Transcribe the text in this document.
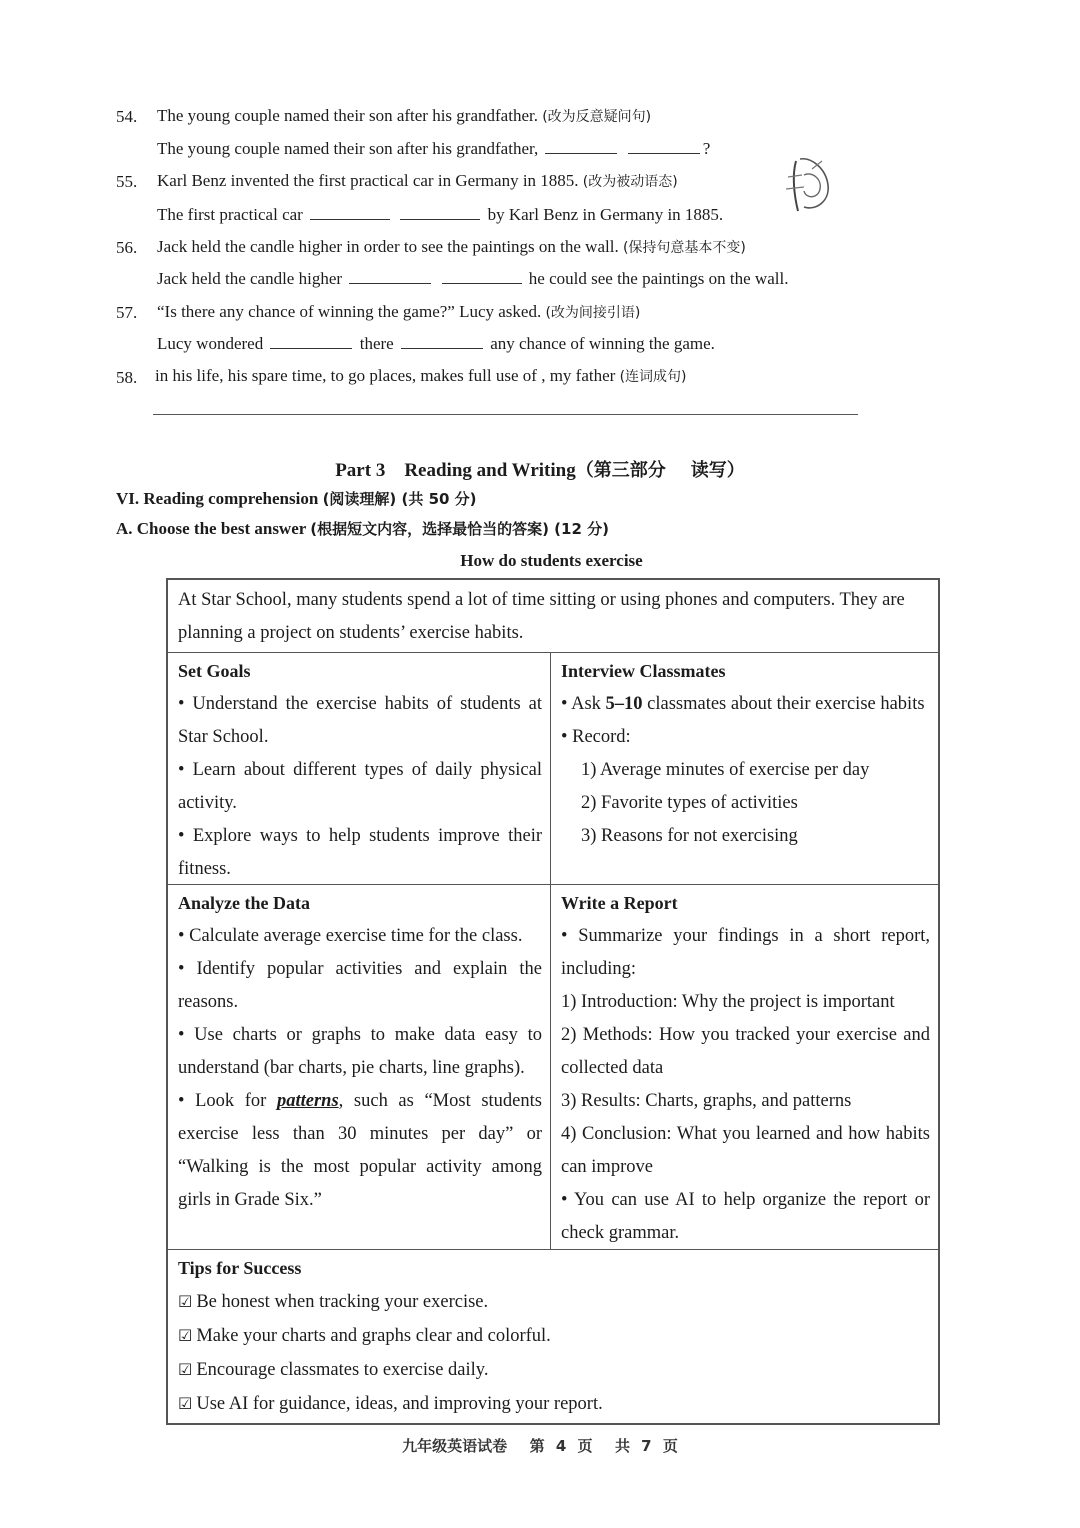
54. The young couple named their son after his grandfather. (改为反意疑问句)
The young couple named their son after his grandfather,	?
55. Karl Benz invented the first practical car in Germany in 1885. (改为被动语态)
The first practical car	by Karl Benz in Germany in 1885.
56. Jack held the candle higher in order to see the paintings on the wall. (保持句意基本不变)
Jack held the candle higher	he could see the paintings on the wall.
57. “Is there any chance of winning the game?” Lucy asked. (改为间接引语)
Lucy wondered	there	any chance of winning the game.
58. in his life, his spare time, to go places, makes full use of , my father (连词成句)
Part 3    Reading and Writing（第三部分    读写）
VI. Reading comprehension (阅读理解) (共 50 分)
A. Choose the best answer (根据短文内容，选择最恰当的答案) (12 分)
How do students exercise
At Star School, many students spend a lot of time sitting or using phones and computers. They are planning a project on students’ exercise habits.
Set Goals
• Understand the exercise habits of students at Star School.
• Learn about different types of daily physical activity.
• Explore ways to help students improve their fitness.
Interview Classmates
• Ask 5–10 classmates about their exercise habits
• Record:
1) Average minutes of exercise per day
2) Favorite types of activities
3) Reasons for not exercising
Analyze the Data
• Calculate average exercise time for the class.
• Identify popular activities and explain the reasons.
• Use charts or graphs to make data easy to understand (bar charts, pie charts, line graphs).
• Look for patterns, such as “Most students exercise less than 30 minutes per day” or “Walking is the most popular activity among girls in Grade Six.”
Write a Report
• Summarize your findings in a short report, including:
1) Introduction: Why the project is important
2) Methods: How you tracked your exercise and collected data
3) Results: Charts, graphs, and patterns
4) Conclusion: What you learned and how habits can improve
• You can use AI to help organize the report or check grammar.
Tips for Success
☑ Be honest when tracking your exercise.
☑ Make your charts and graphs clear and colorful.
☑ Encourage classmates to exercise daily.
☑ Use AI for guidance, ideas, and improving your report.
九年级英语试卷  第 4 页  共 7 页
